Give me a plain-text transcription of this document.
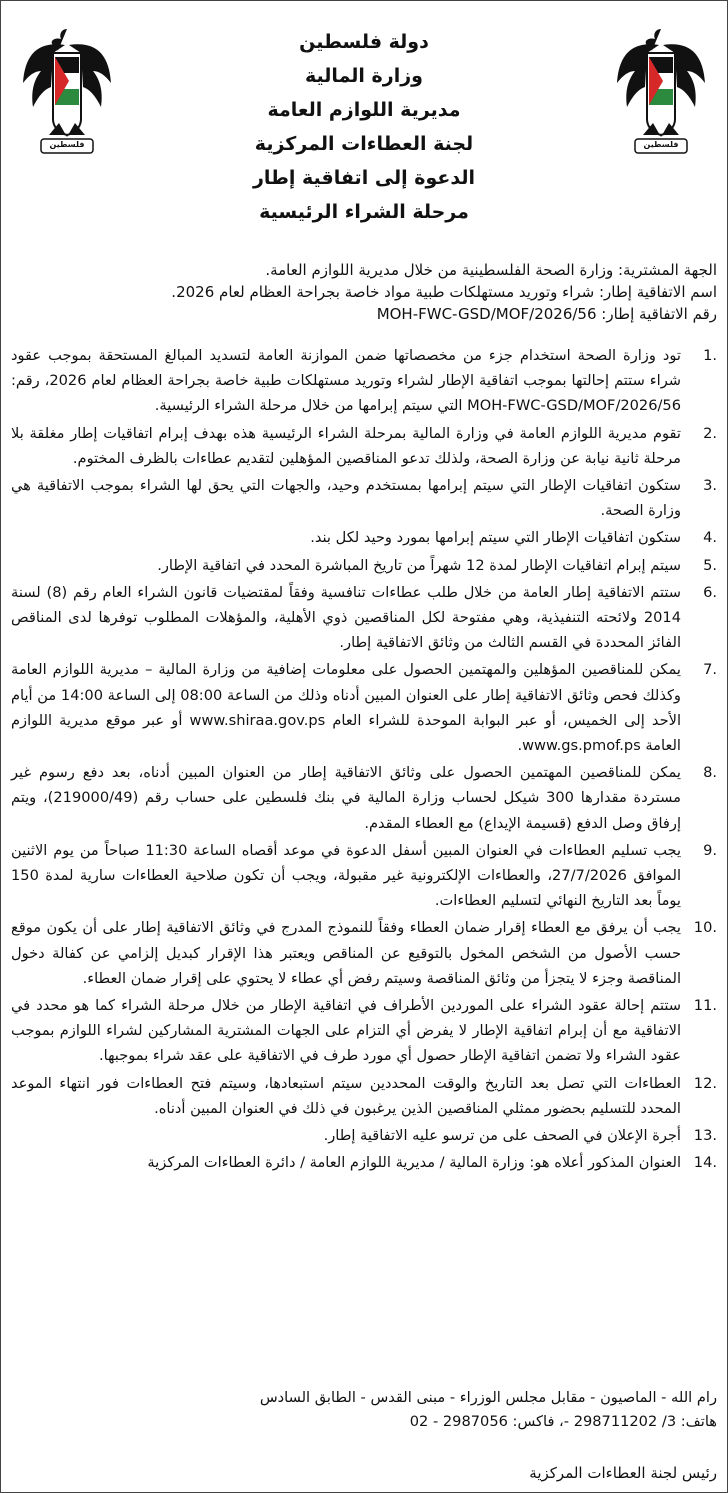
فلسطين
فلسطين
دولة فلسطين
وزارة المالية
مديرية اللوازم العامة
لجنة العطاءات المركزية
الدعوة إلى اتفاقية إطار
مرحلة الشراء الرئيسية
الجهة المشترية: وزارة الصحة الفلسطينية من خلال مديرية اللوازم العامة.
اسم الاتفاقية إطار: شراء وتوريد مستهلكات طبية مواد خاصة بجراحة العظام لعام 2026.
رقم الاتفاقية إطار: MOH-FWC-GSD/MOF/2026/56
.1
تود وزارة الصحة استخدام جزء من مخصصاتها ضمن الموازنة العامة لتسديد المبالغ المستحقة بموجب عقود شراء ستتم إحالتها بموجب اتفاقية الإطار لشراء وتوريد مستهلكات طبية خاصة بجراحة العظام لعام 2026، رقم: MOH-FWC-GSD/MOF/2026/56 التي سيتم إبرامها من خلال مرحلة الشراء الرئيسية.
.2
تقوم مديرية اللوازم العامة في وزارة المالية بمرحلة الشراء الرئيسية هذه بهدف إبرام اتفاقيات إطار مغلقة بلا مرحلة ثانية نيابة عن وزارة الصحة، ولذلك تدعو المناقصين المؤهلين لتقديم عطاءات بالظرف المختوم.
.3
ستكون اتفاقيات الإطار التي سيتم إبرامها بمستخدم وحيد، والجهات التي يحق لها الشراء بموجب الاتفاقية هي وزارة الصحة.
.4
ستكون اتفاقيات الإطار التي سيتم إبرامها بمورد وحيد لكل بند.
.5
سيتم إبرام اتفاقيات الإطار لمدة 12 شهراً من تاريخ المباشرة المحدد في اتفاقية الإطار.
.6
ستتم الاتفاقية إطار العامة من خلال طلب عطاءات تنافسية وفقاً لمقتضيات قانون الشراء العام رقم (8) لسنة 2014 ولائحته التنفيذية، وهي مفتوحة لكل المناقصين ذوي الأهلية، والمؤهلات المطلوب توفرها لدى المناقص الفائز المحددة في القسم الثالث من وثائق الاتفاقية إطار.
.7
يمكن للمناقصين المؤهلين والمهتمين الحصول على معلومات إضافية من وزارة المالية – مديرية اللوازم العامة وكذلك فحص وثائق الاتفاقية إطار على العنوان المبين أدناه وذلك من الساعة 08:00 إلى الساعة 14:00 من أيام الأحد إلى الخميس، أو عبر البوابة الموحدة للشراء العام www.shiraa.gov.ps أو عبر موقع مديرية اللوازم العامة www.gs.pmof.ps.
.8
يمكن للمناقصين المهتمين الحصول على وثائق الاتفاقية إطار من العنوان المبين أدناه، بعد دفع رسوم غير مستردة مقدارها 300 شيكل لحساب وزارة المالية في بنك فلسطين على حساب رقم (219000/49)، ويتم إرفاق وصل الدفع (قسيمة الإيداع) مع العطاء المقدم.
.9
يجب تسليم العطاءات في العنوان المبين أسفل الدعوة في موعد أقصاه الساعة 11:30 صباحاً من يوم الاثنين الموافق 27/7/2026، والعطاءات الإلكترونية غير مقبولة، ويجب أن تكون صلاحية العطاءات سارية لمدة 150 يوماً بعد التاريخ النهائي لتسليم العطاءات.
.10
يجب أن يرفق مع العطاء إقرار ضمان العطاء وفقاً للنموذج المدرج في وثائق الاتفاقية إطار على أن يكون موقع حسب الأصول من الشخص المخول بالتوقيع عن المناقص ويعتبر هذا الإقرار كبديل إلزامي عن كفالة دخول المناقصة وجزء لا يتجزأ من وثائق المناقصة وسيتم رفض أي عطاء لا يحتوي على إقرار ضمان العطاء.
.11
ستتم إحالة عقود الشراء على الموردين الأطراف في اتفاقية الإطار من خلال مرحلة الشراء كما هو محدد في الاتفاقية مع أن إبرام اتفاقية الإطار لا يفرض أي التزام على الجهات المشترية المشاركين لشراء اللوازم بموجب عقود الشراء ولا تضمن اتفاقية الإطار حصول أي مورد طرف في الاتفاقية على عقد شراء بموجبها.
.12
العطاءات التي تصل بعد التاريخ والوقت المحددين سيتم استبعادها، وسيتم فتح العطاءات فور انتهاء الموعد المحدد للتسليم بحضور ممثلي المناقصين الذين يرغبون في ذلك في العنوان المبين أدناه.
.13
أجرة الإعلان في الصحف على من ترسو عليه الاتفاقية إطار.
.14
العنوان المذكور أعلاه هو: وزارة المالية / مديرية اللوازم العامة / دائرة العطاءات المركزية
رام الله - الماصيون - مقابل مجلس الوزراء - مبنى القدس - الطابق السادس
هاتف: 3/ 298711202 -، فاكس: 2987056 - 02
رئيس لجنة العطاءات المركزية
